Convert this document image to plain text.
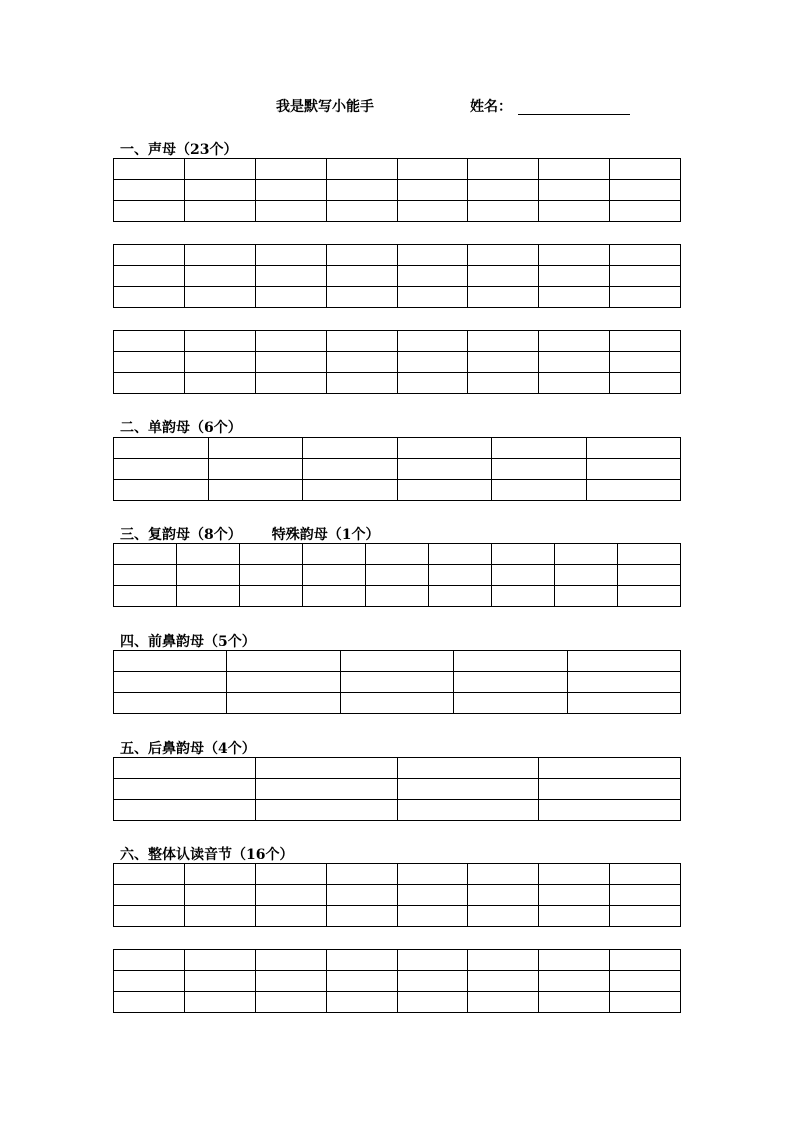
我是默写小能手	姓名：
一、声母（23个）

二、单韵母（6个）

三、复韵母（8个） 特殊韵母（1个）

四、前鼻韵母（5个）

五、后鼻韵母（4个）

六、整体认读音节（16个）
